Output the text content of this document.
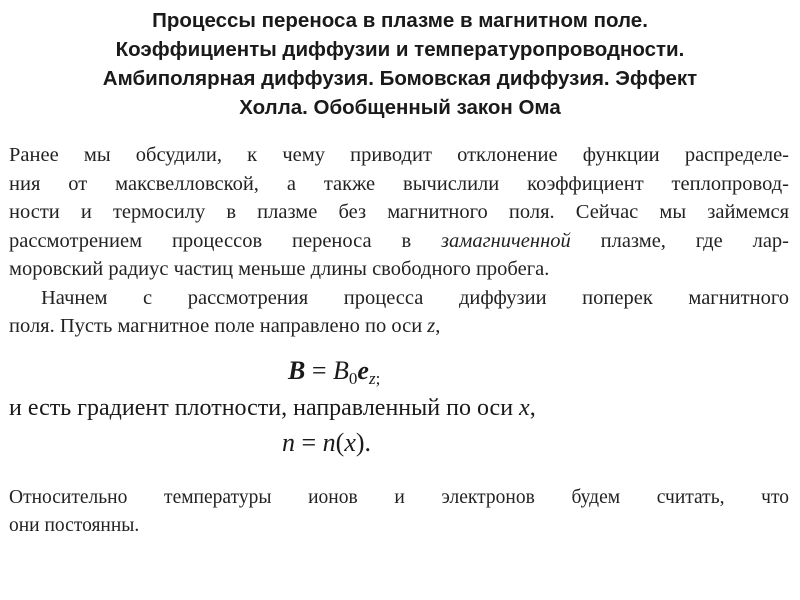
Процессы переноса в плазме в магнитном поле.
Коэффициенты диффузии и температуропроводности.
Амбиполярная диффузия. Бомовская диффузия. Эффект
Холла. Обобщенный закон Ома
Ранее мы обсудили, к чему приводит отклонение функции распределе-
ния от максвелловской, а также вычислили коэффициент теплопровод-
ности и термосилу в плазме без магнитного поля. Сейчас мы займемся
рассмотрением процессов переноса в замагниченной плазме, где лар-
моровский радиус частиц меньше длины свободного пробега.
Начнем с рассмотрения процесса диффузии поперек магнитного
поля. Пусть магнитное поле направлено по оси z,
$B = B_0e_{z;}$
и есть градиент плотности, направленный по оси x,
n = n(x).
Относительно температуры ионов и электронов будем считать, что
они постоянны.
